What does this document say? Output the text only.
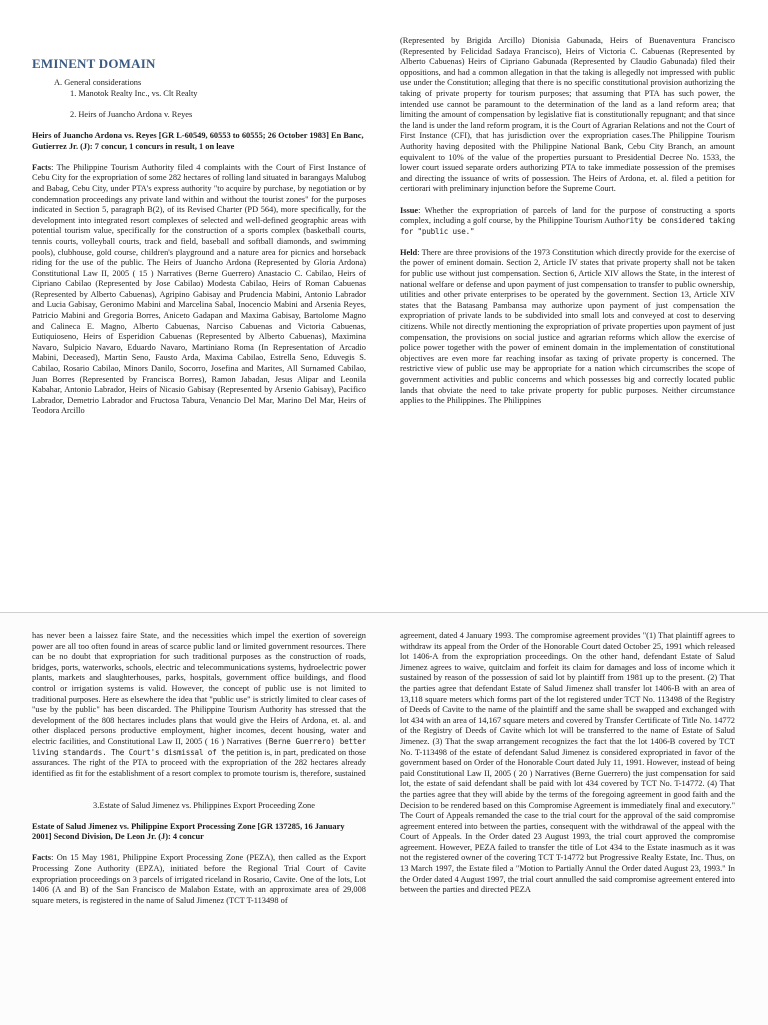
EMINENT DOMAIN
A. General considerations
1. Manotok Realty Inc., vs. Clt Realty
2. Heirs of Juancho Ardona v. Reyes

Heirs of Juancho Ardona vs. Reyes [GR L-60549, 60553 to 60555; 26 October 1983] En Banc, Gutierrez Jr. (J): 7 concur, 1 concurs in result, 1 on leave

Facts: The Philippine Tourism Authority filed 4 complaints with the Court of First Instance of Cebu City for the expropriation of some 282 hectares of rolling land situated in barangays Malubog and Babag, Cebu City, under PTA's express authority "to acquire by purchase, by negotiation or by condemnation proceedings any private land within and without the tourist zones" for the purposes indicated in Section 5, paragraph B(2), of its Revised Charter (PD 564), more specifically, for the development into integrated resort complexes of selected and well-defined geographic areas with potential tourism value, specifically for the construction of a sports complex (basketball courts, tennis courts, volleyball courts, track and field, baseball and softball diamonds, and swimming pools), clubhouse, gold course, children's playground and a nature area for picnics and horseback riding for the use of the public. The Heirs of Juancho Ardona (Represented by Gloria Ardona) Constitutional Law II, 2005 ( 15 ) Narratives (Berne Guerrero) Anastacio C. Cabilao, Heirs of Cipriano Cabilao (Represented by Jose Cabilao) Modesta Cabilao, Heirs of Roman Cabuenas (Represented by Alberto Cabuenas), Agripino Gabisay and Prudencia Mabini, Antonio Labrador and Lucia Gabisay, Geronimo Mabini and Marcelina Sabal, Inocencio Mabini and Arsenia Reyes, Patricio Mabini and Gregoria Borres, Aniceto Gadapan and Maxima Gabisay, Bartolome Magno and Calineca E. Magno, Alberto Cabuenas, Narciso Cabuenas and Victoria Cabuenas, Eutiquioseno, Heirs of Esperidion Cabuenas (Represented by Alberto Cabuenas), Maximina Navaro, Sulpicio Navaro, Eduardo Navaro, Martiniano Roma (In Representation of Arcadio Mabini, Deceased), Martin Seno, Fausto Arda, Maxima Cabilao, Estrella Seno, Eduvegis S. Cabilao, Rosario Cabilao, Minors Danilo, Socorro, Josefina and Marites, All Surnamed Cabilao, Juan Borres (Represented by Francisca Borres), Ramon Jabadan, Jesus Alipar and Leonila Kabahar, Antonio Labrador, Heirs of Nicasio Gabisay (Represented by Arsenio Gabisay), Pacifico Labrador, Demetrio Labrador and Fructosa Tabura, Venancio Del Mar, Marino Del Mar, Heirs of Teodora Arcillo

(Represented by Brigida Arcillo) Dionisia Gabunada, Heirs of Buenaventura Francisco (Represented by Felicidad Sadaya Francisco), Heirs of Victoria C. Cabuenas (Represented by Alberto Cabuenas) Heirs of Cipriano Gabunada (Represented by Claudio Gabunada) filed their oppositions, and had a common allegation in that the taking is allegedly not impressed with public use under the Constitution; alleging that there is no specific constitutional provision authorizing the taking of private property for tourism purposes; that assuming that PTA has such power, the intended use cannot be paramount to the determination of the land as a land reform area; that limiting the amount of compensation by legislative fiat is constitutionally repugnant; and that since the land is under the land reform program, it is the Court of Agrarian Relations and not the Court of First Instance (CFI), that has jurisdiction over the expropriation cases.The Philippine Tourism Authority having deposited with the Philippine National Bank, Cebu City Branch, an amount equivalent to 10% of the value of the properties pursuant to Presidential Decree No. 1533, the lower court issued separate orders authorizing PTA to take immediate possession of the premises and directing the issuance of writs of possession. The Heirs of Ardona, et. al. filed a petition for certiorari with preliminary injunction before the Supreme Court.

Issue: Whether the expropriation of parcels of land for the purpose of constructing a sports complex, including a golf course, by the Philippine Tourism Authority be considered taking for "public use."

Held: There are three provisions of the 1973 Constitution which directly provide for the exercise of the power of eminent domain. Section 2, Article IV states that private property shall not be taken for public use without just compensation. Section 6, Article XIV allows the State, in the interest of national welfare or defense and upon payment of just compensation to transfer to public ownership, utilities and other private enterprises to be operated by the government. Section 13, Article XIV states that the Batasang Pambansa may authorize upon payment of just compensation the expropriation of private lands to be subdivided into small lots and conveyed at cost to deserving citizens. While not directly mentioning the expropriation of private properties upon payment of just compensation, the provisions on social justice and agrarian reforms which allow the exercise of police power together with the power of eminent domain in the implementation of constitutional objectives are even more far reaching insofar as taxing of private property is concerned. The restrictive view of public use may be appropriate for a nation which circumscribes the scope of government activities and public concerns and which possesses big and correctly located public lands that obviate the need to take private property for public purposes. Neither circumstance applies to the Philippines. The Philippines

has never been a laissez faire State, and the necessities which impel the exertion of sovereign power are all too often found in areas of scarce public land or limited government resources. There can be no doubt that expropriation for such traditional purposes as the construction of roads, bridges, ports, waterworks, schools, electric and telecommunications systems, hydroelectric power plants, markets and slaughterhouses, parks, hospitals, government office buildings, and flood control or irrigation systems is valid. However, the concept of public use is not limited to traditional purposes. Here as elsewhere the idea that "public use" is strictly limited to clear cases of "use by the public" has been discarded. The Philippine Tourism Authority has stressed that the development of the 808 hectares includes plans that would give the Heirs of Ardona, et. al. and other displaced persons productive employment, higher incomes, decent housing, water and electric facilities, and Constitutional Law II, 2005 ( 16 ) Narratives (Berne Guerrero) better living standards. The Court's dismissal of the petition is, in part, predicated on those assurances. The right of the PTA to proceed with the expropriation of the 282 hectares already identified as fit for the establishment of a resort complex to promote tourism is, therefore, sustained

3.Estate of Salud Jimenez vs. Philippines Export Proceeding Zone

Estate of Salud Jimenez vs. Philippine Export Processing Zone [GR 137285, 16 January 2001] Second Division, De Leon Jr. (J): 4 concur

Facts: On 15 May 1981, Philippine Export Processing Zone (PEZA), then called as the Export Processing Zone Authority (EPZA), initiated before the Regional Trial Court of Cavite expropriation proceedings on 3 parcels of irrigated riceland in Rosario, Cavite. One of the lots, Lot 1406 (A and B) of the San Francisco de Malabon Estate, with an approximate area of 29,008 square meters, is registered in the name of Salud Jimenez (TCT T-113498 of

agreement, dated 4 January 1993. The compromise agreement provides "(1) That plaintiff agrees to withdraw its appeal from the Order of the Honorable Court dated October 25, 1991 which released lot 1406-A from the expropriation proceedings. On the other hand, defendant Estate of Salud Jimenez agrees to waive, quitclaim and forfeit its claim for damages and loss of income which it sustained by reason of the possession of said lot by plaintiff from 1981 up to the present. (2) That the parties agree that defendant Estate of Salud Jimenez shall transfer lot 1406-B with an area of 13,118 square meters which forms part of the lot registered under TCT No. 113498 of the Registry of Deeds of Cavite to the name of the plaintiff and the same shall be swapped and exchanged with lot 434 with an area of 14,167 square meters and covered by Transfer Certificate of Title No. 14772 of the Registry of Deeds of Cavite which lot will be transferred to the name of Estate of Salud Jimenez. (3) That the swap arrangement recognizes the fact that the lot 1406-B covered by TCT No. T-113498 of the estate of defendant Salud Jimenez is considered expropriated in favor of the government based on Order of the Honorable Court dated July 11, 1991. However, instead of being paid Constitutional Law II, 2005 ( 20 ) Narratives (Berne Guerrero) the just compensation for said lot, the estate of said defendant shall be paid with lot 434 covered by TCT No. T-14772. (4) That the parties agree that they will abide by the terms of the foregoing agreement in good faith and the Decision to be rendered based on this Compromise Agreement is immediately final and executory." The Court of Appeals remanded the case to the trial court for the approval of the said compromise agreement entered into between the parties, consequent with the withdrawal of the appeal with the Court of Appeals. In the Order dated 23 August 1993, the trial court approved the compromise agreement. However, PEZA failed to transfer the title of Lot 434 to the Estate inasmuch as it was not the registered owner of the covering TCT T-14772 but Progressive Realty Estate, Inc. Thus, on 13 March 1997, the Estate filed a "Motion to Partially Annul the Order dated August 23, 1993." In the Order dated 4 August 1997, the trial court annulled the said compromise agreement entered into between the parties and directed PEZA
